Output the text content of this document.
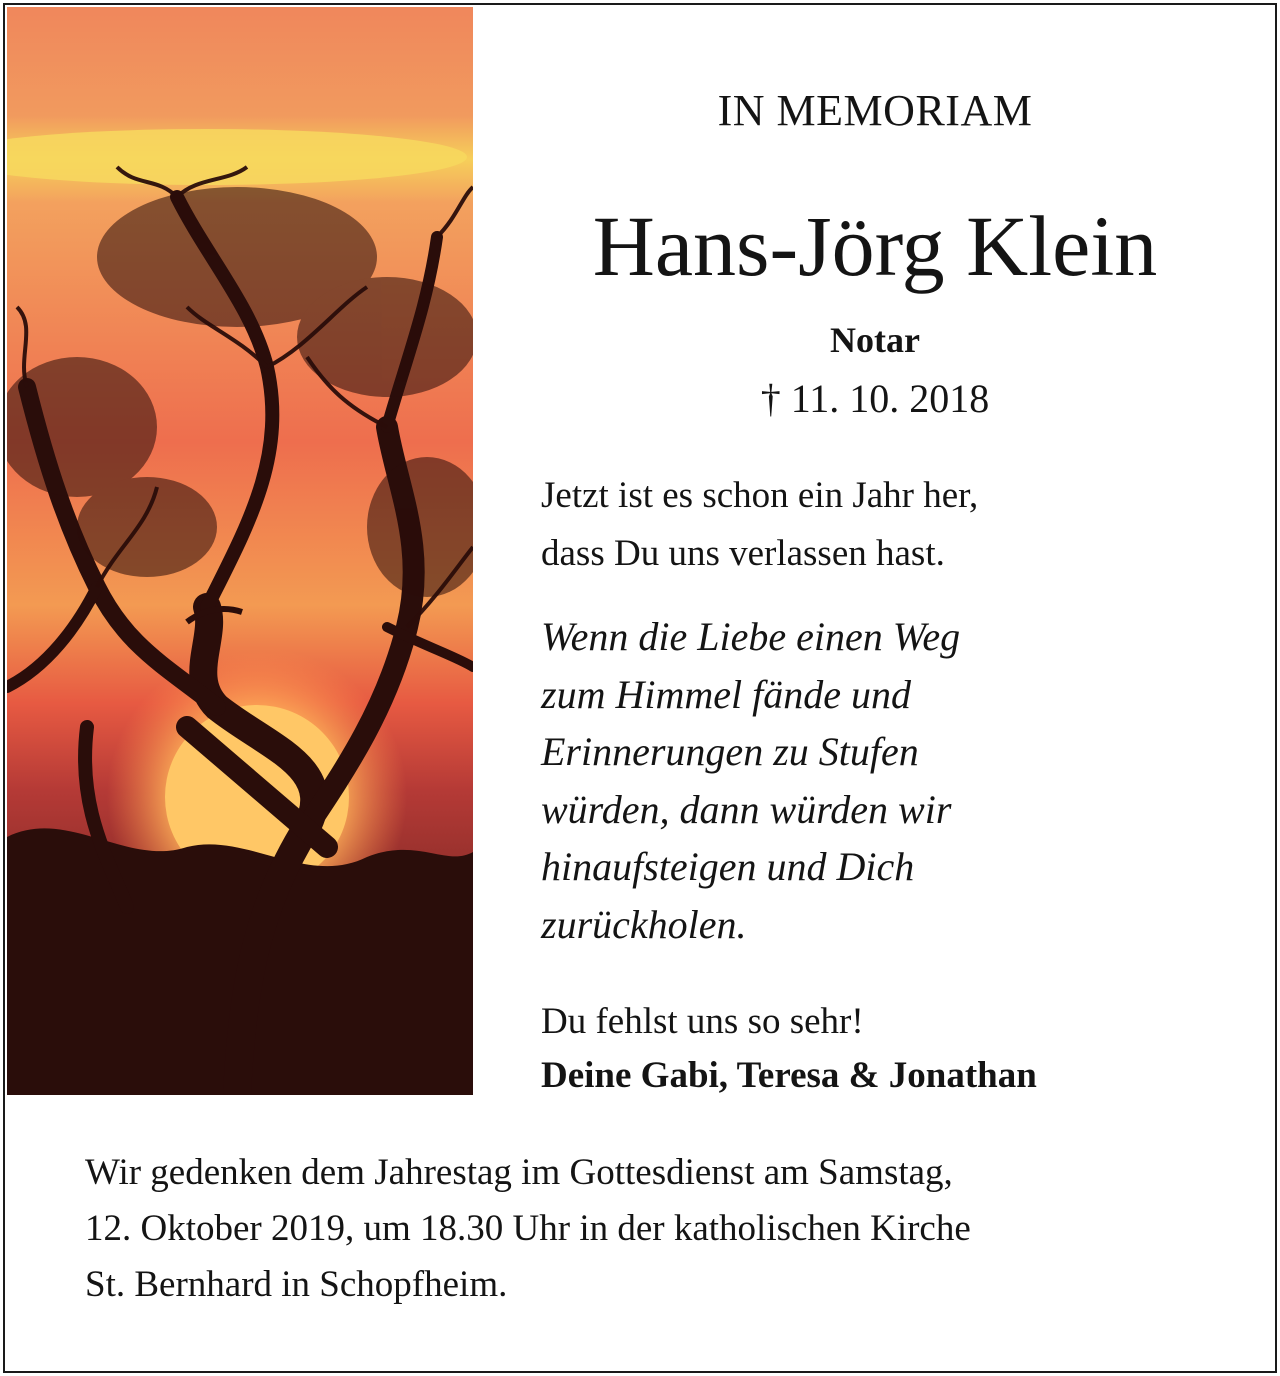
IN MEMORIAM
Hans-Jörg Klein
Notar
† 11. 10. 2018
Jetzt ist es schon ein Jahr her,
dass Du uns verlassen hast.
Wenn die Liebe einen Weg
zum Himmel fände und
Erinnerungen zu Stufen
würden, dann würden wir
hinaufsteigen und Dich
zurückholen.
Du fehlst uns so sehr!
Deine Gabi, Teresa & Jonathan
Wir gedenken dem Jahrestag im Gottesdienst am Samstag,
12. Oktober 2019, um 18.30 Uhr in der katholischen Kirche
St. Bernhard in Schopfheim.
